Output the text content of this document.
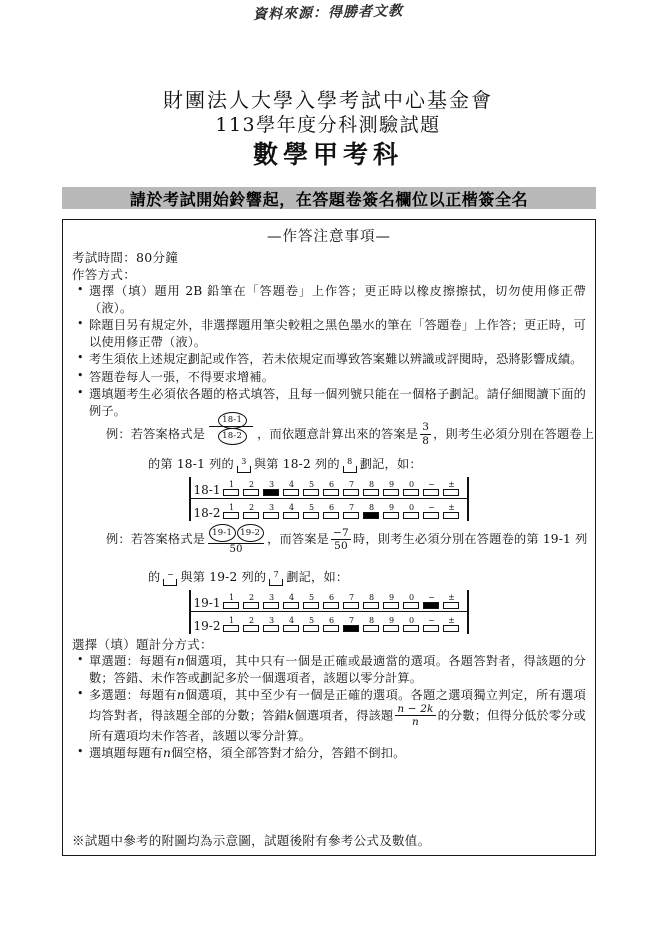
資料來源：得勝者文教
財團法人大學入學考試中心基金會
113學年度分科測驗試題
數學甲考科
請於考試開始鈴響起，在答題卷簽名欄位以正楷簽全名
—作答注意事項—
考試時間：80分鐘
作答方式：
• 選擇（填）題用 2B 鉛筆在「答題卷」上作答；更正時以橡皮擦擦拭，切勿使用修正帶（液）。
• 除題目另有規定外，非選擇題用筆尖較粗之黑色墨水的筆在「答題卷」上作答；更正時，可以使用修正帶（液）。
• 考生須依上述規定劃記或作答，若未依規定而導致答案難以辨識或評閱時，恐將影響成績。
• 答題卷每人一張，不得要求增補。
• 選填題考生必須依各題的格式填答，且每一個列號只能在一個格子劃記。請仔細閱讀下面的例子。
例：若答案格式是
18-1
18-2	，而依題意計算出來的答案是 $\frac{3}{8}$ ，則考生必須分別在答題卷上
的第 18-1 列的 3 與第 18-2 列的 8 劃記，如：
18-1 1 2 3 4 5 6 7 8 9 0 − ±
18-2 1 2 3 4 5 6 7 8 9 0 − ±
例：若答案格式是 19-1 19-2
50
，而答案是 $\frac{-7}{50}$ 時，則考生必須分別在答題卷的第 19-1 列
的 − 與第 19-2 列的 7 劃記，如：
19-1 1 2 3 4 5 6 7 8 9 0 − ±
19-2 1 2 3 4 5 6 7 8 9 0 − ±
選擇（填）題計分方式：
• 單選題：每題有n個選項，其中只有一個是正確或最適當的選項。各題答對者，得該題的分數；答錯、未作答或劃記多於一個選項者，該題以零分計算。
• 多選題：每題有n個選項，其中至少有一個是正確的選項。各題之選項獨立判定，所有選項均答對者，得該題全部的分數；答錯k個選項者，得該題 $\frac{n - 2k}{n}$ 的分數；但得分低於零分或所有選項均未作答者，該題以零分計算。
• 選填題每題有n個空格，須全部答對才給分，答錯不倒扣。
※試題中參考的附圖均為示意圖，試題後附有參考公式及數值。
